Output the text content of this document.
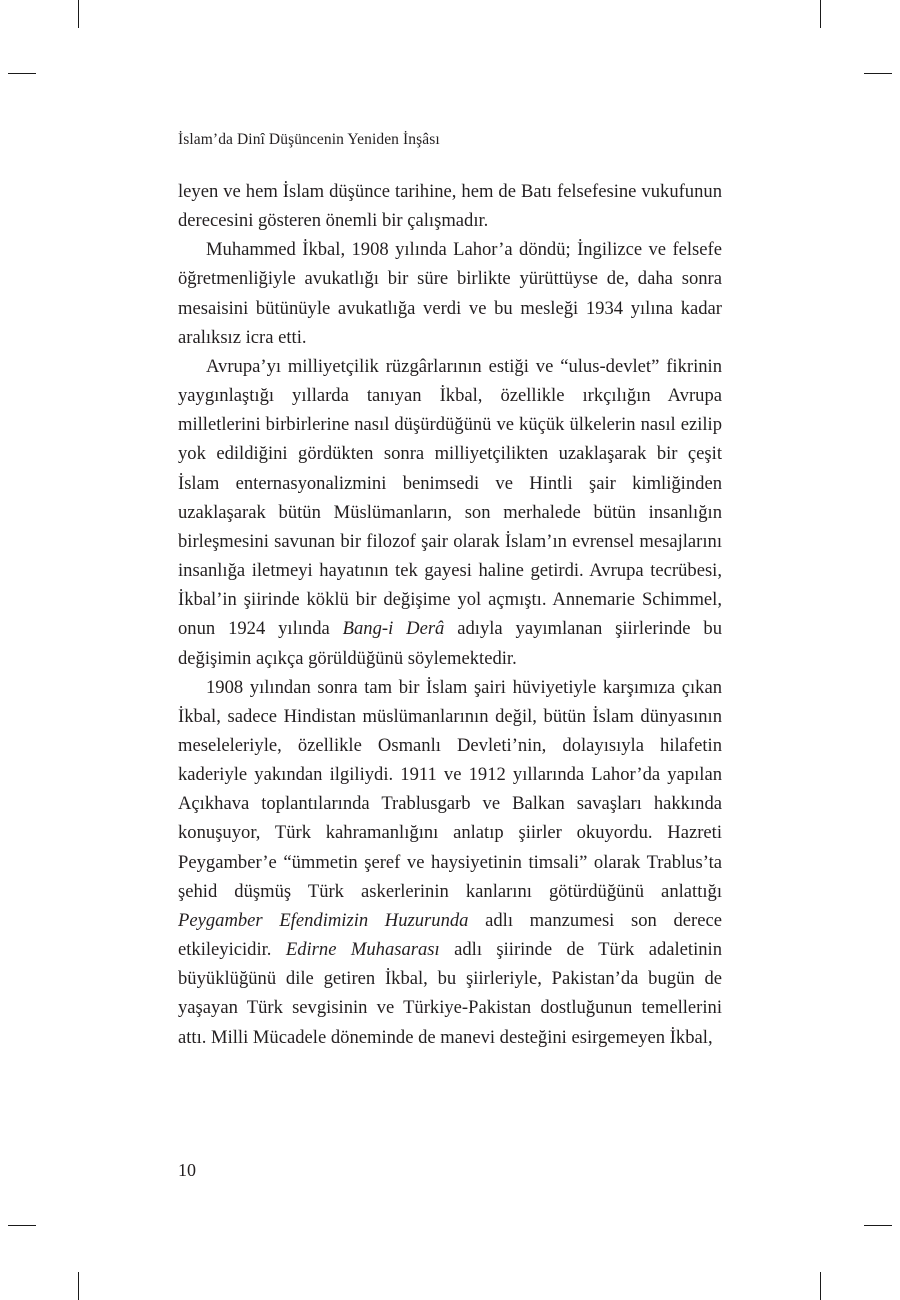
İslam’da Dinî Düşüncenin Yeniden İnşâsı

leyen ve hem İslam düşünce tarihine, hem de Batı felsefesine vukufunun derecesini gösteren önemli bir çalışmadır.

Muhammed İkbal, 1908 yılında Lahor’a döndü; İngilizce ve felsefe öğretmenliğiyle avukatlığı bir süre birlikte yürüttüyse de, daha sonra mesaisini bütünüyle avukatlığa verdi ve bu mesleği 1934 yılına kadar aralıksız icra etti.

Avrupa’yı milliyetçilik rüzgârlarının estiği ve “ulus-devlet” fikrinin yaygınlaştığı yıllarda tanıyan İkbal, özellikle ırkçılığın Avrupa milletlerini birbirlerine nasıl düşürdüğünü ve küçük ülkelerin nasıl ezilip yok edildiğini gördükten sonra milliyetçilikten uzaklaşarak bir çeşit İslam enternasyonalizmini benimsedi ve Hintli şair kimliğinden uzaklaşarak bütün Müslümanların, son merhalede bütün insanlığın birleşmesini savunan bir filozof şair olarak İslam’ın evrensel mesajlarını insanlığa iletmeyi hayatının tek gayesi haline getirdi. Avrupa tecrübesi, İkbal’in şiirinde köklü bir değişime yol açmıştı. Annemarie Schimmel, onun 1924 yılında Bang-i Derâ adıyla yayımlanan şiirlerinde bu değişimin açıkça görüldüğünü söylemektedir.

1908 yılından sonra tam bir İslam şairi hüviyetiyle karşımıza çıkan İkbal, sadece Hindistan müslümanlarının değil, bütün İslam dünyasının meseleleriyle, özellikle Osmanlı Devleti’nin, dolayısıyla hilafetin kaderiyle yakından ilgiliydi. 1911 ve 1912 yıllarında Lahor’da yapılan Açıkhava toplantılarında Trablusgarb ve Balkan savaşları hakkında konuşuyor, Türk kahramanlığını anlatıp şiirler okuyordu. Hazreti Peygamber’e “ümmetin şeref ve haysiyetinin timsali” olarak Trablus’ta şehid düşmüş Türk askerlerinin kanlarını götürdüğünü anlattığı Peygamber Efendimizin Huzurunda adlı manzumesi son derece etkileyicidir. Edirne Muhasarası adlı şiirinde de Türk adaletinin büyüklüğünü dile getiren İkbal, bu şiirleriyle, Pakistan’da bugün de yaşayan Türk sevgisinin ve Türkiye-Pakistan dostluğunun temellerini attı. Milli Mücadele döneminde de manevi desteğini esirgemeyen İkbal,

10
